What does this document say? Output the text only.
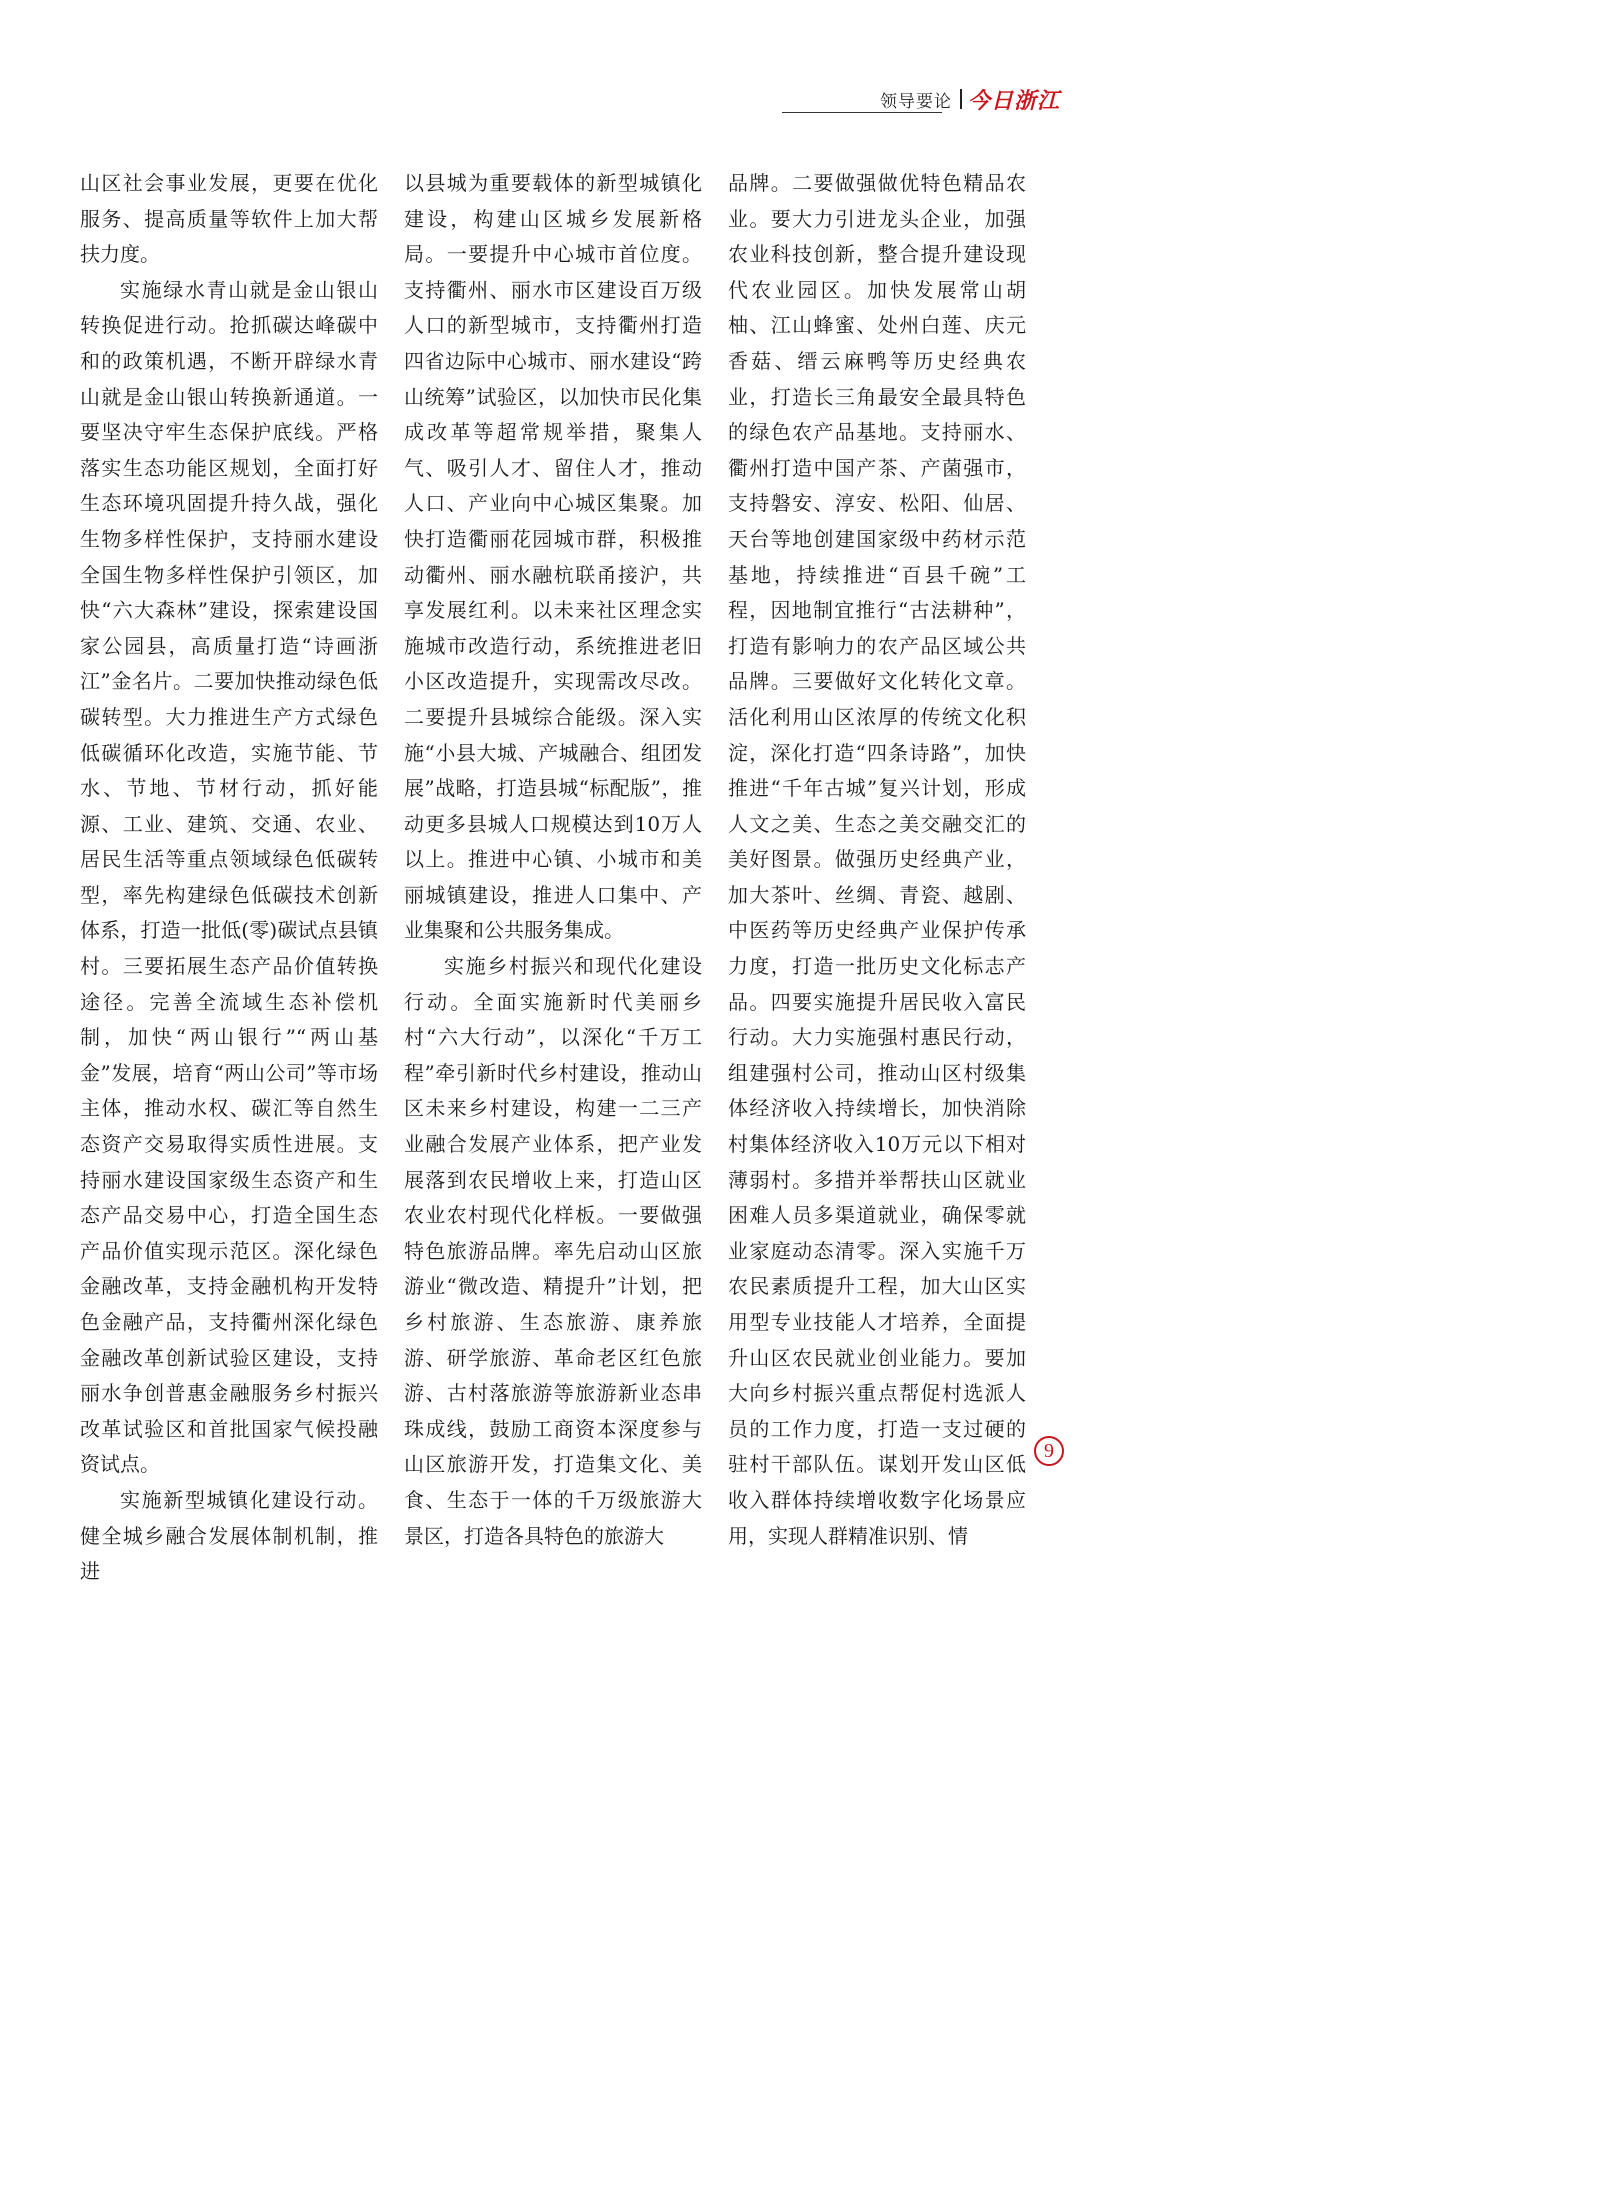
领导要论 今日浙江

山区社会事业发展，更要在优化服务、提高质量等软件上加大帮扶力度。

实施绿水青山就是金山银山转换促进行动。抢抓碳达峰碳中和的政策机遇，不断开辟绿水青山就是金山银山转换新通道。一要坚决守牢生态保护底线。严格落实生态功能区规划，全面打好生态环境巩固提升持久战，强化生物多样性保护，支持丽水建设全国生物多样性保护引领区，加快“六大森林”建设，探索建设国家公园县，高质量打造“诗画浙江”金名片。二要加快推动绿色低碳转型。大力推进生产方式绿色低碳循环化改造，实施节能、节水、节地、节材行动，抓好能源、工业、建筑、交通、农业、居民生活等重点领域绿色低碳转型，率先构建绿色低碳技术创新体系，打造一批低(零)碳试点县镇村。三要拓展生态产品价值转换途径。完善全流域生态补偿机制，加快“两山银行”“两山基金”发展，培育“两山公司”等市场主体，推动水权、碳汇等自然生态资产交易取得实质性进展。支持丽水建设国家级生态资产和生态产品交易中心，打造全国生态产品价值实现示范区。深化绿色金融改革，支持金融机构开发特色金融产品，支持衢州深化绿色金融改革创新试验区建设，支持丽水争创普惠金融服务乡村振兴改革试验区和首批国家气候投融资试点。

实施新型城镇化建设行动。健全城乡融合发展体制机制，推进

以县城为重要载体的新型城镇化建设，构建山区城乡发展新格局。一要提升中心城市首位度。支持衢州、丽水市区建设百万级人口的新型城市，支持衢州打造四省边际中心城市、丽水建设“跨山统筹”试验区，以加快市民化集成改革等超常规举措，聚集人气、吸引人才、留住人才，推动人口、产业向中心城区集聚。加快打造衢丽花园城市群，积极推动衢州、丽水融杭联甬接沪，共享发展红利。以未来社区理念实施城市改造行动，系统推进老旧小区改造提升，实现需改尽改。二要提升县城综合能级。深入实施“小县大城、产城融合、组团发展”战略，打造县城“标配版”，推动更多县城人口规模达到10万人以上。推进中心镇、小城市和美丽城镇建设，推进人口集中、产业集聚和公共服务集成。

实施乡村振兴和现代化建设行动。全面实施新时代美丽乡村“六大行动”，以深化“千万工程”牵引新时代乡村建设，推动山区未来乡村建设，构建一二三产业融合发展产业体系，把产业发展落到农民增收上来，打造山区农业农村现代化样板。一要做强特色旅游品牌。率先启动山区旅游业“微改造、精提升”计划，把乡村旅游、生态旅游、康养旅游、研学旅游、革命老区红色旅游、古村落旅游等旅游新业态串珠成线，鼓励工商资本深度参与山区旅游开发，打造集文化、美食、生态于一体的千万级旅游大景区，打造各具特色的旅游大

品牌。二要做强做优特色精品农业。要大力引进龙头企业，加强农业科技创新，整合提升建设现代农业园区。加快发展常山胡柚、江山蜂蜜、处州白莲、庆元香菇、缙云麻鸭等历史经典农业，打造长三角最安全最具特色的绿色农产品基地。支持丽水、衢州打造中国产茶、产菌强市，支持磐安、淳安、松阳、仙居、天台等地创建国家级中药材示范基地，持续推进“百县千碗”工程，因地制宜推行“古法耕种”，打造有影响力的农产品区域公共品牌。三要做好文化转化文章。活化利用山区浓厚的传统文化积淀，深化打造“四条诗路”，加快推进“千年古城”复兴计划，形成人文之美、生态之美交融交汇的美好图景。做强历史经典产业，加大茶叶、丝绸、青瓷、越剧、中医药等历史经典产业保护传承力度，打造一批历史文化标志产品。四要实施提升居民收入富民行动。大力实施强村惠民行动，组建强村公司，推动山区村级集体经济收入持续增长，加快消除村集体经济收入10万元以下相对薄弱村。多措并举帮扶山区就业困难人员多渠道就业，确保零就业家庭动态清零。深入实施千万农民素质提升工程，加大山区实用型专业技能人才培养，全面提升山区农民就业创业能力。要加大向乡村振兴重点帮促村选派人员的工作力度，打造一支过硬的驻村干部队伍。谋划开发山区低收入群体持续增收数字化场景应用，实现人群精准识别、情

9
